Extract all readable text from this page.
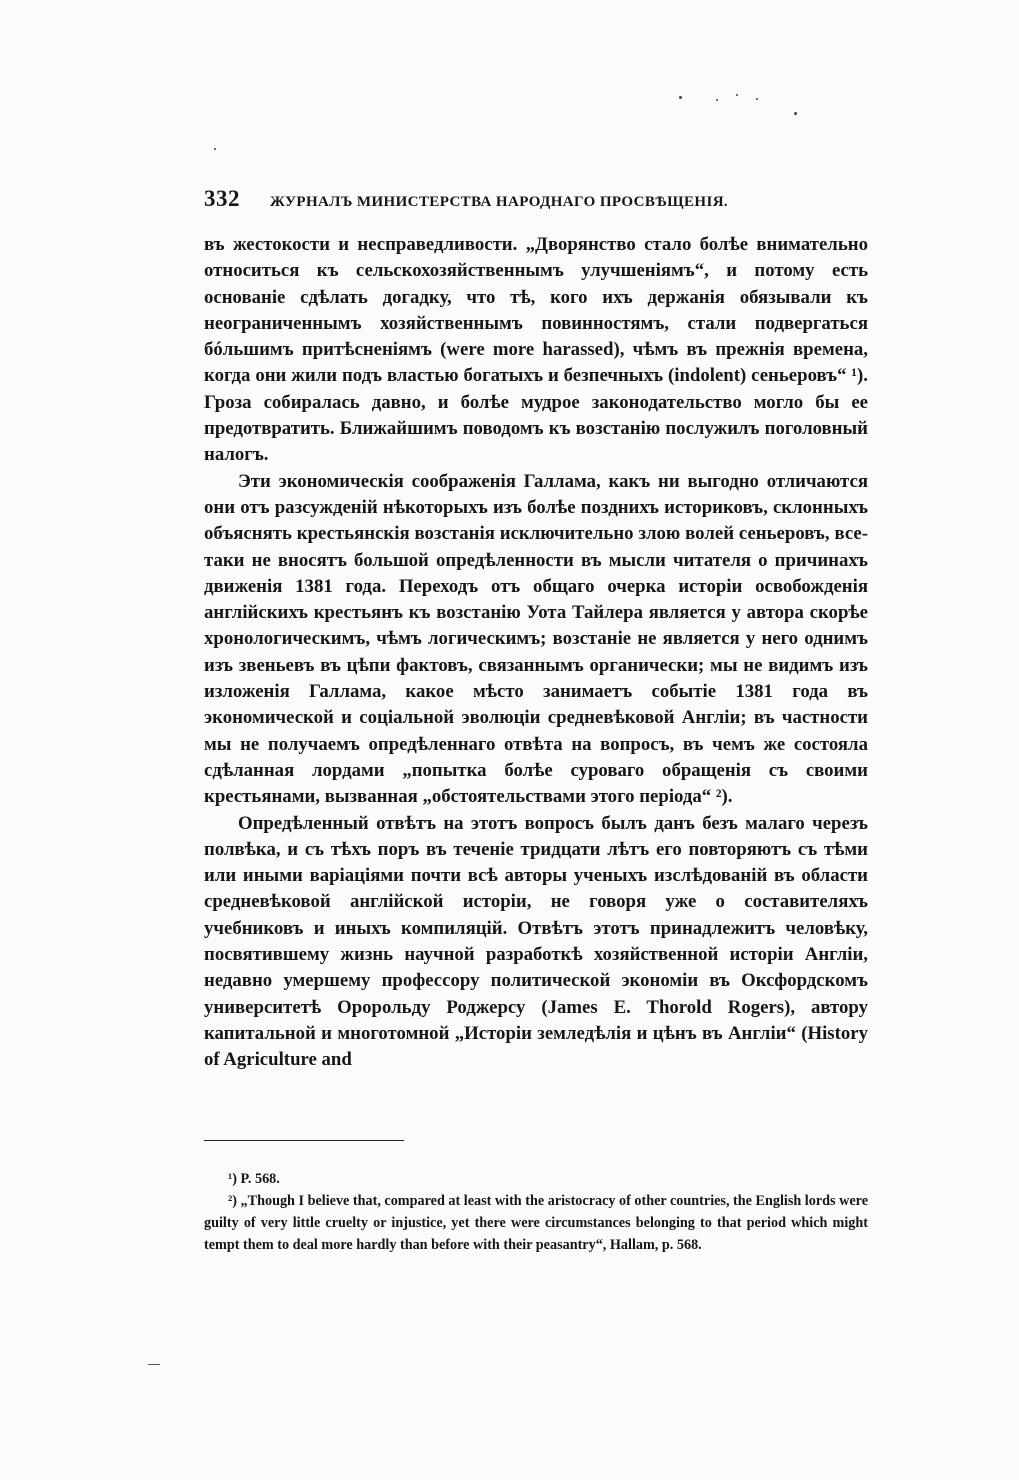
332 ЖУРНАЛЪ МИНИСТЕРСТВА НАРОДНАГО ПРОСВѢЩЕНІЯ.

въ жестокости и несправедливости. „Дворянство стало болѣе внимательно относиться къ сельскохозяйственнымъ улучшеніямъ“, и потому есть основаніе сдѣлать догадку, что тѣ, кого ихъ держанія обязывали къ неограниченнымъ хозяйственнымъ повинностямъ, стали подвергаться бóльшимъ притѣсненіямъ (were more harassed), чѣмъ въ прежнія времена, когда они жили подъ властью богатыхъ и безпечныхъ (indolent) сеньеровъ“ ¹). Гроза собиралась давно, и болѣе мудрое законодательство могло бы ее предотвратить. Ближайшимъ поводомъ къ возстанію послужилъ поголовный налогъ.

Эти экономическія соображенія Галлама, какъ ни выгодно отличаются они отъ разсужденій нѣкоторыхъ изъ болѣе позднихъ историковъ, склонныхъ объяснять крестьянскія возстанія исключительно злою волей сеньеровъ, все-таки не вносятъ большой опредѣленности въ мысли читателя о причинахъ движенія 1381 года. Переходъ отъ общаго очерка исторіи освобожденія англійскихъ крестьянъ къ возстанію Уота Тайлера является у автора скорѣе хронологическимъ, чѣмъ логическимъ; возстаніе не является у него однимъ изъ звеньевъ въ цѣпи фактовъ, связаннымъ органически; мы не видимъ изъ изложенія Галлама, какое мѣсто занимаетъ событіе 1381 года въ экономической и соціальной эволюціи средневѣковой Англіи; въ частности мы не получаемъ опредѣленнаго отвѣта на вопросъ, въ чемъ же состояла сдѣланная лордами „попытка болѣе суроваго обращенія съ своими крестьянами, вызванная „обстоятельствами этого періода“ ²).

Опредѣленный отвѣтъ на этотъ вопросъ былъ данъ безъ малаго черезъ полвѣка, и съ тѣхъ поръ въ теченіе тридцати лѣтъ его повторяютъ съ тѣми или иными варіаціями почти всѣ авторы ученыхъ изслѣдованій въ области средневѣковой англійской исторіи, не говоря уже о составителяхъ учебниковъ и иныхъ компиляцій. Отвѣтъ этотъ принадлежитъ человѣку, посвятившему жизнь научной разработкѣ хозяйственной исторіи Англіи, недавно умершему профессору политической экономіи въ Оксфордскомъ университетѣ Оророльду Роджерсу (James E. Thorold Rogers), автору капитальной и многотомной „Исторіи земледѣлія и цѣнъ въ Англіи“ (History of Agriculture and

¹) P. 568.

²) „Though I believe that, compared at least with the aristocracy of other countries, the English lords were guilty of very little cruelty or injustice, yet there were circumstances belonging to that period which might tempt them to deal more hardly than before with their peasantry“, Hallam, p. 568.
